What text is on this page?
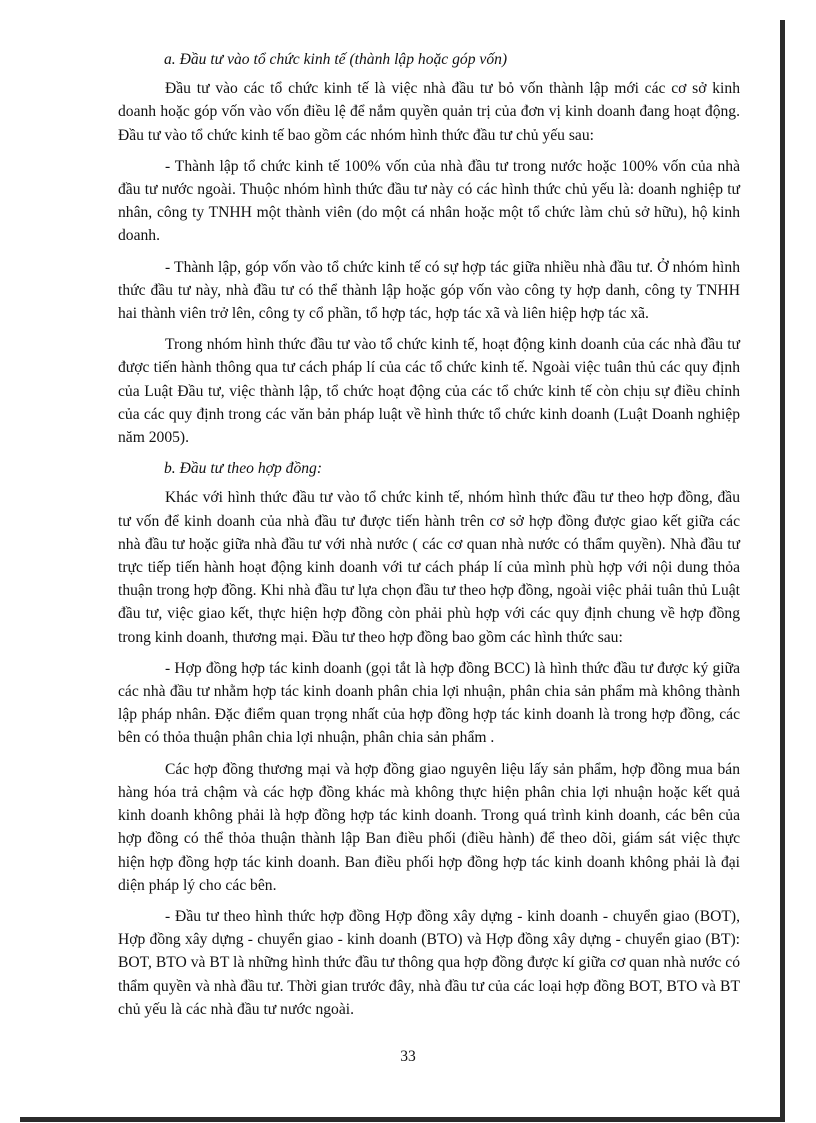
a. Đầu tư vào tổ chức kinh tế (thành lập hoặc góp vốn)

Đầu tư vào các tổ chức kinh tế là việc nhà đầu tư bỏ vốn thành lập mới các cơ sở kinh doanh hoặc góp vốn vào vốn điều lệ để nắm quyền quản trị của đơn vị kinh doanh đang hoạt động. Đầu tư vào tổ chức kinh tế bao gồm các nhóm hình thức đầu tư chủ yếu sau:

- Thành lập tổ chức kinh tế 100% vốn của nhà đầu tư trong nước hoặc 100% vốn của nhà đầu tư nước ngoài. Thuộc nhóm hình thức đầu tư này có các hình thức chủ yếu là: doanh nghiệp tư nhân, công ty TNHH một thành viên (do một cá nhân hoặc một tổ chức làm chủ sở hữu), hộ kinh doanh.

- Thành lập, góp vốn vào tổ chức kinh tế có sự hợp tác giữa nhiều nhà đầu tư. Ở nhóm hình thức đầu tư này, nhà đầu tư có thể thành lập hoặc góp vốn vào công ty hợp danh, công ty TNHH hai thành viên trở lên, công ty cổ phần, tổ hợp tác, hợp tác xã và liên hiệp hợp tác xã.

Trong nhóm hình thức đầu tư vào tổ chức kinh tế, hoạt động kinh doanh của các nhà đầu tư được tiến hành thông qua tư cách pháp lí của các tổ chức kinh tế. Ngoài việc tuân thủ các quy định của Luật Đầu tư, việc thành lập, tổ chức hoạt động của các tổ chức kinh tế còn chịu sự điều chỉnh của các quy định trong các văn bản pháp luật về hình thức tổ chức kinh doanh (Luật Doanh nghiệp năm 2005).

b. Đầu tư theo hợp đồng:

Khác với hình thức đầu tư vào tổ chức kinh tế, nhóm hình thức đầu tư theo hợp đồng, đầu tư vốn để kinh doanh của nhà đầu tư được tiến hành trên cơ sở hợp đồng được giao kết giữa các nhà đầu tư hoặc giữa nhà đầu tư với nhà nước ( các cơ quan nhà nước có thẩm quyền). Nhà đầu tư trực tiếp tiến hành hoạt động kinh doanh với tư cách pháp lí của mình phù hợp với nội dung thỏa thuận trong hợp đồng. Khi nhà đầu tư lựa chọn đầu tư theo hợp đồng, ngoài việc phải tuân thủ Luật đầu tư, việc giao kết, thực hiện hợp đồng còn phải phù hợp với các quy định chung về hợp đồng trong kinh doanh, thương mại. Đầu tư theo hợp đồng bao gồm các hình thức sau:

- Hợp đồng hợp tác kinh doanh (gọi tắt là hợp đồng BCC) là hình thức đầu tư được ký giữa các nhà đầu tư nhằm hợp tác kinh doanh phân chia lợi nhuận, phân chia sản phẩm mà không thành lập pháp nhân. Đặc điểm quan trọng nhất của hợp đồng hợp tác kinh doanh là trong hợp đồng, các bên có thỏa thuận phân chia lợi nhuận, phân chia sản phẩm .

Các hợp đồng thương mại và hợp đồng giao nguyên liệu lấy sản phẩm, hợp đồng mua bán hàng hóa trả chậm và các hợp đồng khác mà không thực hiện phân chia lợi nhuận hoặc kết quả kinh doanh không phải là hợp đồng hợp tác kinh doanh. Trong quá trình kinh doanh, các bên của hợp đồng có thể thỏa thuận thành lập Ban điều phối (điều hành) để theo dõi, giám sát việc thực hiện hợp đồng hợp tác kinh doanh. Ban điều phối hợp đồng hợp tác kinh doanh không phải là đại diện pháp lý cho các bên.

- Đầu tư theo hình thức hợp đồng Hợp đồng xây dựng - kinh doanh - chuyển giao (BOT), Hợp đồng xây dựng - chuyển giao - kinh doanh (BTO) và Hợp đồng xây dựng - chuyển giao (BT): BOT, BTO và BT là những hình thức đầu tư thông qua hợp đồng được kí giữa cơ quan nhà nước có thẩm quyền và nhà đầu tư. Thời gian trước đây, nhà đầu tư của các loại hợp đồng BOT, BTO và BT chủ yếu là các nhà đầu tư nước ngoài.

33
